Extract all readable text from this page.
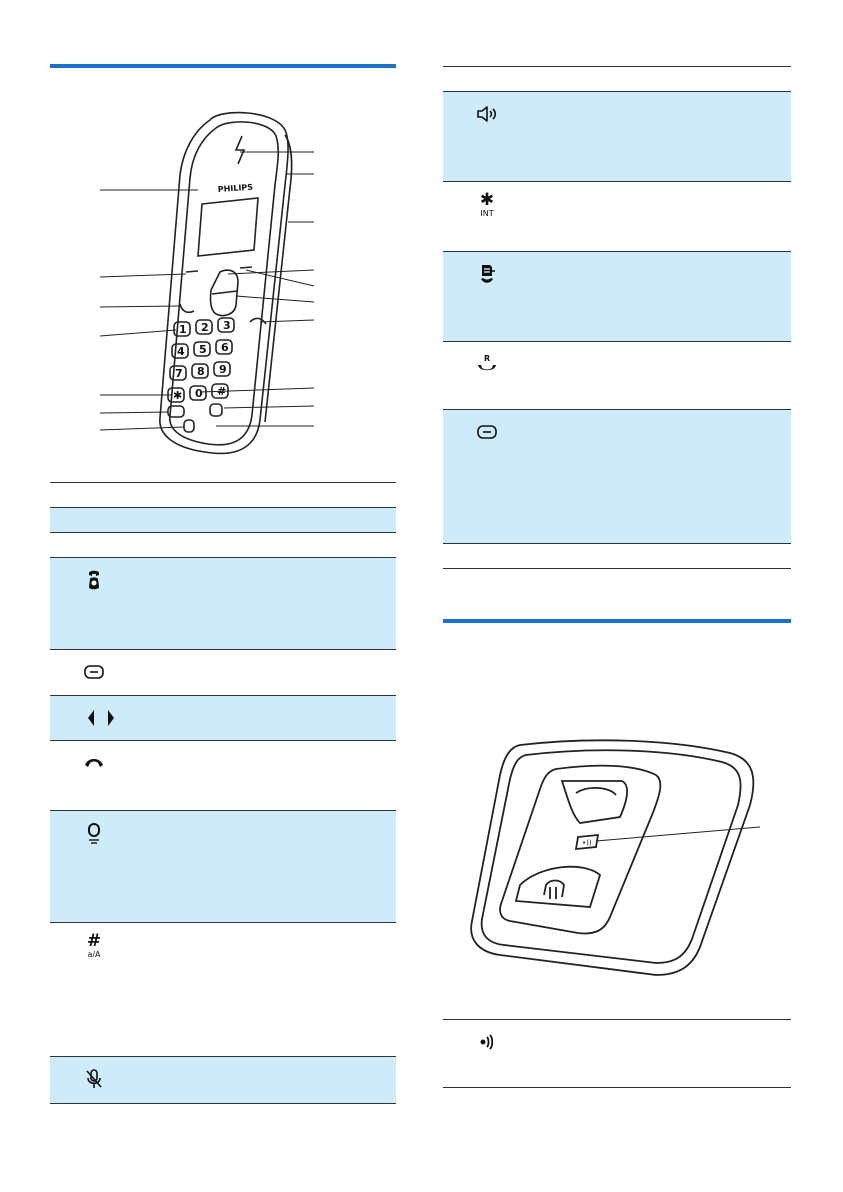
PHILIPS
1 2 3
4 5 6
7 8 9
✱ 0 #
#
a/A
✱
INT
R
•))
